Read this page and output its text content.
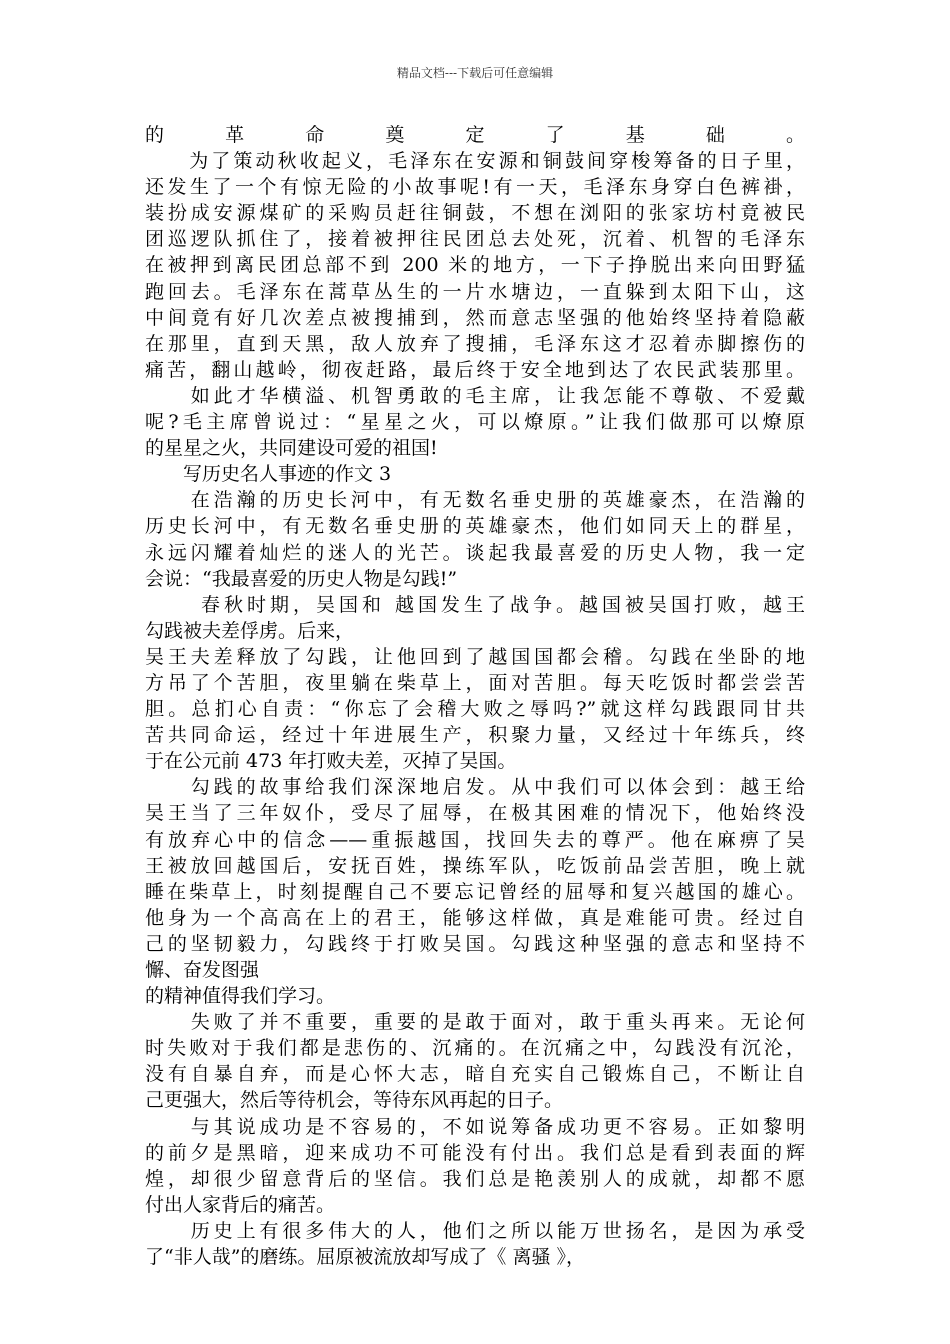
精品文档---下载后可任意编辑
的革命奠定了基础。
　　为了策动秋收起义，毛泽东在安源和铜鼓间穿梭筹备的日子里，
还发生了一个有惊无险的小故事呢!有一天，毛泽东身穿白色裤褂，
装扮成安源煤矿的采购员赶往铜鼓，不想在浏阳的张家坊村竟被民
团巡逻队抓住了，接着被押往民团总去处死，沉着、机智的毛泽东
在被押到离民团总部不到 200 米的地方，一下子挣脱出来向田野猛
跑回去。毛泽东在蒿草丛生的一片水塘边，一直躲到太阳下山，这
中间竟有好几次差点被搜捕到，然而意志坚强的他始终坚持着隐蔽
在那里，直到天黑，敌人放弃了搜捕，毛泽东这才忍着赤脚擦伤的
痛苦，翻山越岭，彻夜赶路，最后终于安全地到达了农民武装那里。
　　如此才华横溢、机智勇敢的毛主席，让我怎能不尊敬、不爱戴
呢?毛主席曾说过：“星星之火，可以燎原。”让我们做那可以燎原
的星星之火，共同建设可爱的祖国!
　　写历史名人事迹的作文 3
　　在浩瀚的历史长河中，有无数名垂史册的英雄豪杰，在浩瀚的
历史长河中，有无数名垂史册的英雄豪杰，他们如同天上的群星，
永远闪耀着灿烂的迷人的光芒。谈起我最喜爱的历史人物，我一定
会说：“我最喜爱的历史人物是勾践!”
　　 春秋时期，吴国和 越国发生了战争。越国被吴国打败，越王
勾践被夫差俘虏。后来，
吴王夫差释放了勾践，让他回到了越国国都会稽。勾践在坐卧的地
方吊了个苦胆，夜里躺在柴草上，面对苦胆。每天吃饭时都尝尝苦
胆。总扪心自责：“你忘了会稽大败之辱吗?”就这样勾践跟同甘共
苦共同命运，经过十年进展生产，积聚力量，又经过十年练兵，终
于在公元前 473 年打败夫差，灭掉了吴国。
　　勾践的故事给我们深深地启发。从中我们可以体会到：越王给
吴王当了三年奴仆，受尽了屈辱，在极其困难的情况下，他始终没
有放弃心中的信念——重振越国，找回失去的尊严。他在麻痹了吴
王被放回越国后，安抚百姓，操练军队，吃饭前品尝苦胆，晚上就
睡在柴草上，时刻提醒自己不要忘记曾经的屈辱和复兴越国的雄心。
他身为一个高高在上的君王，能够这样做，真是难能可贵。经过自
己的坚韧毅力，勾践终于打败吴国。勾践这种坚强的意志和坚持不
懈、奋发图强
的精神值得我们学习。
　　失败了并不重要，重要的是敢于面对，敢于重头再来。无论何
时失败对于我们都是悲伤的、沉痛的。在沉痛之中，勾践没有沉沦，
没有自暴自弃，而是心怀大志，暗自充实自己锻炼自己，不断让自
己更强大，然后等待机会，等待东风再起的日子。
　　与其说成功是不容易的，不如说筹备成功更不容易。正如黎明
的前夕是黑暗，迎来成功不可能没有付出。我们总是看到表面的辉
煌，却很少留意背后的坚信。我们总是艳羡别人的成就，却都不愿
付出人家背后的痛苦。
　　历史上有很多伟大的人，他们之所以能万世扬名，是因为承受
了“非人哉”的磨练。屈原被流放却写成了《 离骚 》，
